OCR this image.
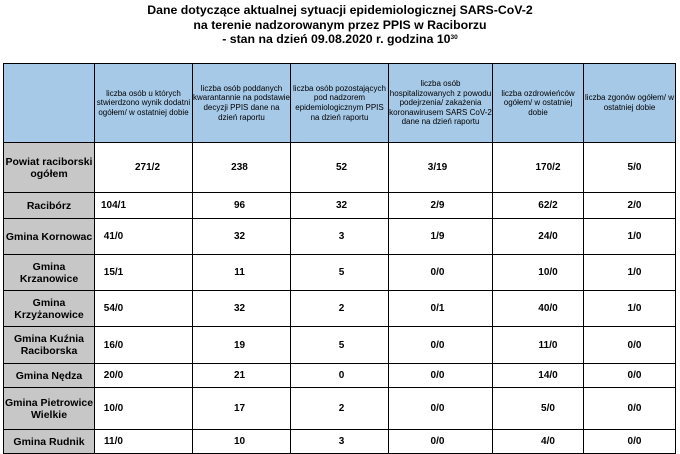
Dane dotyczące aktualnej sytuacji epidemiologicznej SARS-CoV-2
na terenie nadzorowanym przez PPIS w Raciborzu
- stan na dzień 09.08.2020 r. godzina $10^{30}$
	liczba osób u których stwierdzono wynik dodatni ogółem/ w ostatniej dobie	liczba osób poddanych kwarantannie na podstawie decyzji PPIS dane na dzień raportu	liczba osób pozostających pod nadzorem epidemiologicznym PPIS na dzień raportu	liczba osób hospitalizowanych z powodu podejrzenia/ zakażenia koronawirusem SARS CoV-2 dane na dzień raportu	liczba ozdrowieńców ogółem/ w ostatniej dobie	liczba zgonów ogółem/ w ostatniej dobie
Powiat raciborski ogółem	271/2	238	52	3/19	170/2	5/0
Racibórz	104/1	96	32	2/9	62/2	2/0
Gmina Kornowac	41/0	32	3	1/9	24/0	1/0
Gmina Krzanowice	15/1	11	5	0/0	10/0	1/0
Gmina Krzyżanowice	54/0	32	2	0/1	40/0	1/0
Gmina Kuźnia Raciborska	16/0	19	5	0/0	11/0	0/0
Gmina Nędza	20/0	21	0	0/0	14/0	0/0
Gmina Pietrowice Wielkie	10/0	17	2	0/0	5/0	0/0
Gmina Rudnik	11/0	10	3	0/0	4/0	0/0
